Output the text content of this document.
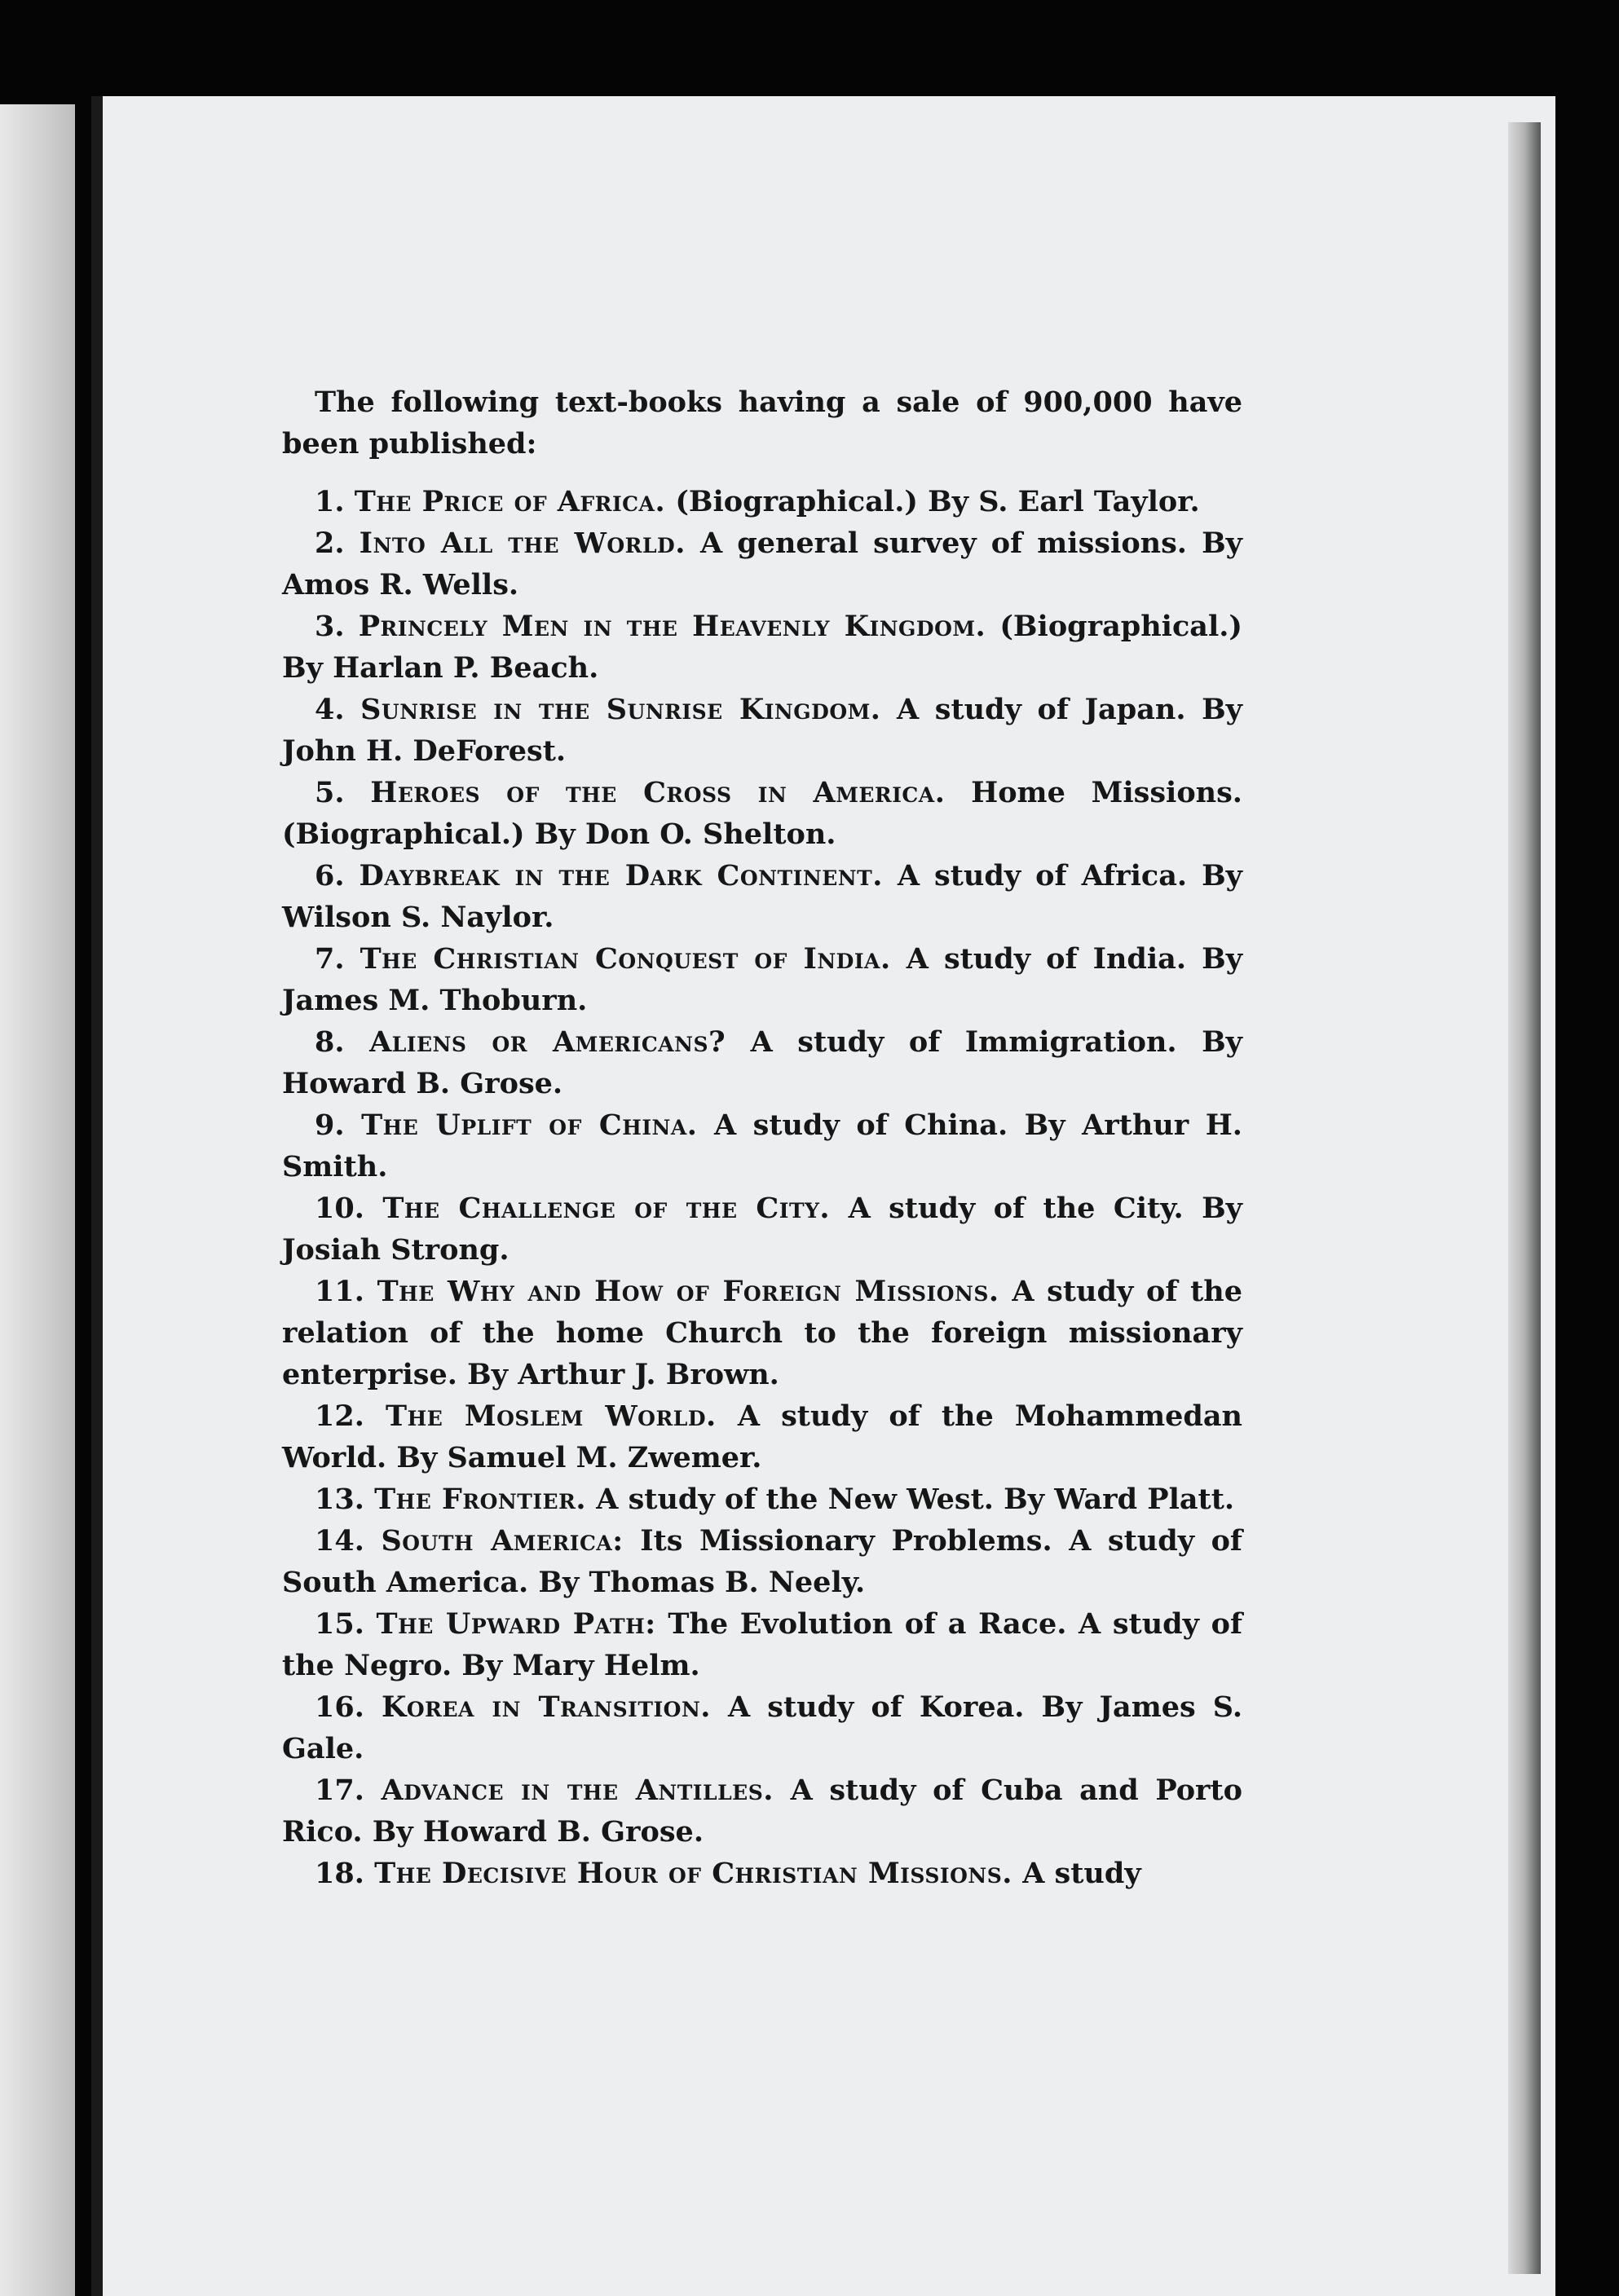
The following text-books having a sale of 900,000 have been published:

1. The Price of Africa. (Biographical.) By S. Earl Taylor.

2. Into All the World. A general survey of missions. By Amos R. Wells.

3. Princely Men in the Heavenly Kingdom. (Biographical.) By Harlan P. Beach.

4. Sunrise in the Sunrise Kingdom. A study of Japan. By John H. DeForest.

5. Heroes of the Cross in America. Home Missions. (Biographical.) By Don O. Shelton.

6. Daybreak in the Dark Continent. A study of Africa. By Wilson S. Naylor.

7. The Christian Conquest of India. A study of India. By James M. Thoburn.

8. Aliens or Americans? A study of Immigration. By Howard B. Grose.

9. The Uplift of China. A study of China. By Arthur H. Smith.

10. The Challenge of the City. A study of the City. By Josiah Strong.

11. The Why and How of Foreign Missions. A study of the relation of the home Church to the foreign missionary enterprise. By Arthur J. Brown.

12. The Moslem World. A study of the Mohammedan World. By Samuel M. Zwemer.

13. The Frontier. A study of the New West. By Ward Platt.

14. South America: Its Missionary Problems. A study of South America. By Thomas B. Neely.

15. The Upward Path: The Evolution of a Race. A study of the Negro. By Mary Helm.

16. Korea in Transition. A study of Korea. By James S. Gale.

17. Advance in the Antilles. A study of Cuba and Porto Rico. By Howard B. Grose.

18. The Decisive Hour of Christian Missions. A study
